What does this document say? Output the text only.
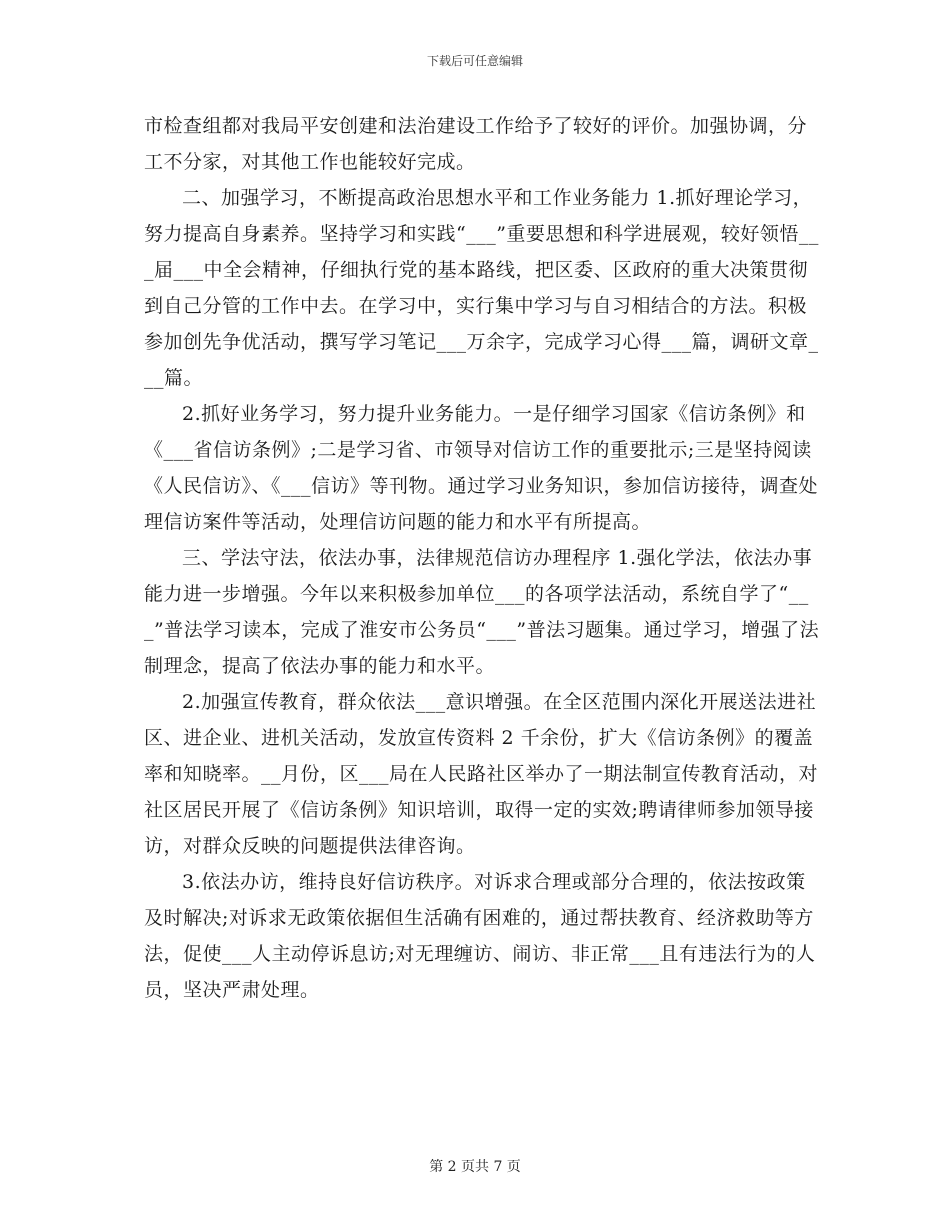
下载后可任意编辑

市检查组都对我局平安创建和法治建设工作给予了较好的评价。加强协调，分工不分家，对其他工作也能较好完成。

二、加强学习，不断提高政治思想水平和工作业务能力 1.抓好理论学习，努力提高自身素养。坚持学习和实践“___”重要思想和科学进展观，较好领悟___届___中全会精神，仔细执行党的基本路线，把区委、区政府的重大决策贯彻到自己分管的工作中去。在学习中，实行集中学习与自习相结合的方法。积极参加创先争优活动，撰写学习笔记___万余字，完成学习心得___篇，调研文章___篇。

2.抓好业务学习，努力提升业务能力。一是仔细学习国家《信访条例》和《___省信访条例》;二是学习省、市领导对信访工作的重要批示;三是坚持阅读《人民信访》、《___信访》等刊物。通过学习业务知识，参加信访接待，调查处理信访案件等活动，处理信访问题的能力和水平有所提高。

三、学法守法，依法办事，法律规范信访办理程序 1.强化学法，依法办事能力进一步增强。今年以来积极参加单位___的各项学法活动，系统自学了“___”普法学习读本，完成了淮安市公务员“___”普法习题集。通过学习，增强了法制理念，提高了依法办事的能力和水平。

2.加强宣传教育，群众依法___意识增强。在全区范围内深化开展送法进社区、进企业、进机关活动，发放宣传资料 2 千余份，扩大《信访条例》的覆盖率和知晓率。__月份，区___局在人民路社区举办了一期法制宣传教育活动，对社区居民开展了《信访条例》知识培训，取得一定的实效;聘请律师参加领导接访，对群众反映的问题提供法律咨询。

3.依法办访，维持良好信访秩序。对诉求合理或部分合理的，依法按政策及时解决;对诉求无政策依据但生活确有困难的，通过帮扶教育、经济救助等方法，促使___人主动停诉息访;对无理缠访、闹访、非正常___且有违法行为的人员，坚决严肃处理。

第 2 页共 7 页
